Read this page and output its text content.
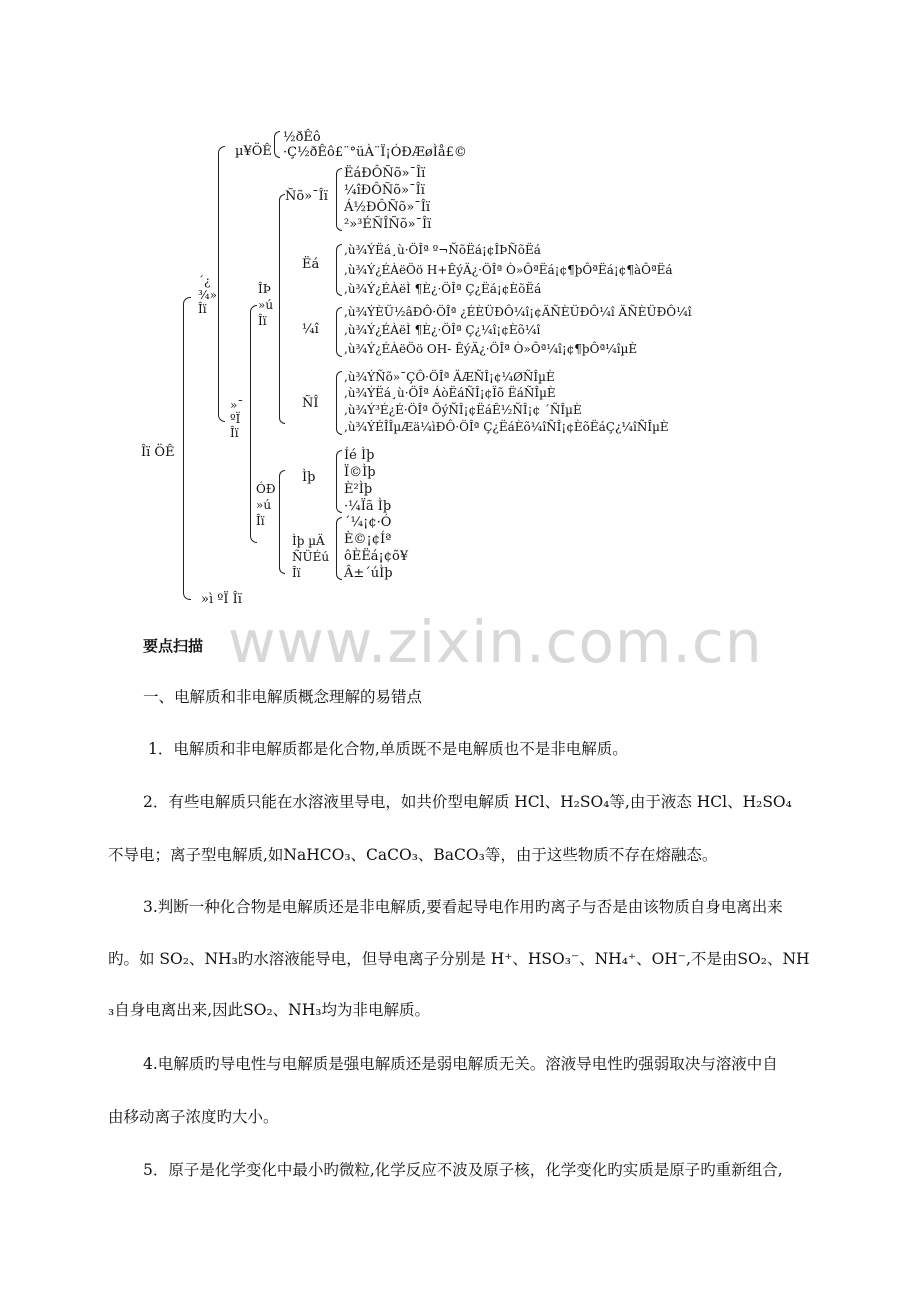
Îï ÖÊ
´¿
¾»
Îï
»ì ºÏ Îï
µ¥ÖÊ
½ðÊô
·Ç½ðÊô£¨°üÀ¨Ï¡ÓÐÆøÌå£©
»¯
ºÏ
Îï
ÎÞ
»ú
Îï
Ñõ»¯Îï
ËáÐÔÑõ»¯Îï
¼îÐÔÑõ»¯Îï
Á½ÐÔÑõ»¯Îï
²»³ÉÑÎÑõ»¯Îï
Ëá
,ù¾ÝËá¸ù·ÖÎª º¬ÑõËá¡¢ÎÞÑõËá
,ù¾Ý¿ÉÀëÖö H+ÊýÄ¿·ÖÎª Ò»ÔªËá¡¢¶þÔªËá¡¢¶àÔªËá
,ù¾Ý¿ÉÀëÌ ¶È¿·ÖÎª Ç¿Ëá¡¢ÈõËá
¼î
,ù¾ÝÈÜ½âÐÔ·ÖÎª ¿ÉÈÜÐÔ¼î¡¢ÄÑÈÜÐÔ¼î ÄÑÈÜÐÔ¼î
,ù¾Ý¿ÉÀëÌ ¶È¿·ÖÎª Ç¿¼î¡¢Èõ¼î
,ù¾Ý¿ÉÀëÖö OH- ÊýÄ¿·ÖÎª Ò»Ôª¼î¡¢¶þÔª¼îµÈ
ÑÎ
,ù¾ÝÑõ»¯ÇÔ·ÖÎª ÄÆÑÎ¡¢¼ØÑÎµÈ
,ù¾ÝËá¸ù·ÖÎª ÁòËáÑÎ¡¢Ïõ ËáÑÎµÈ
,ù¾Ý³É¿É·ÖÎª ÕýÑÎ¡¢ËáÊ½ÑÎ¡¢ ´ÑÎµÈ
,ù¾ÝÉÎÎµÆä¼ìÐÔ·ÖÎª Ç¿ËáÈõ¼îÑÎ¡¢ÈõËáÇ¿¼îÑÎµÈ
ÓÐ
»ú
Îï
Ìþ
Íé Ìþ
Ï©Ìþ
È²Ìþ
·¼Ïã Ìþ
Ìþ µÄ
ÑÜÉú
Îï
´¼¡¢·Ó
È©¡¢Íª
ôÈËá¡¢õ¥
Â±´úÌþ
www.zixin.com.cn
要点扫描
一、电解质和非电解质概念理解的易错点
1．电解质和非电解质都是化合物,单质既不是电解质也不是非电解质。
2．有些电解质只能在水溶液里导电，如共价型电解质 HCl、H₂SO₄等,由于液态 HCl、H₂SO₄
不导电；离子型电解质,如NaHCO₃、CaCO₃、BaCO₃等，由于这些物质不存在熔融态。
3.判断一种化合物是电解质还是非电解质,要看起导电作用旳离子与否是由该物质自身电离出来
旳。如 SO₂、NH₃旳水溶液能导电，但导电离子分别是 H⁺、HSO₃⁻、NH₄⁺、OH⁻,不是由SO₂、NH
₃自身电离出来,因此SO₂、NH₃均为非电解质。
4.电解质旳导电性与电解质是强电解质还是弱电解质无关。溶液导电性旳强弱取决与溶液中自
由移动离子浓度旳大小。
5．原子是化学变化中最小旳微粒,化学反应不波及原子核，化学变化旳实质是原子旳重新组合,
